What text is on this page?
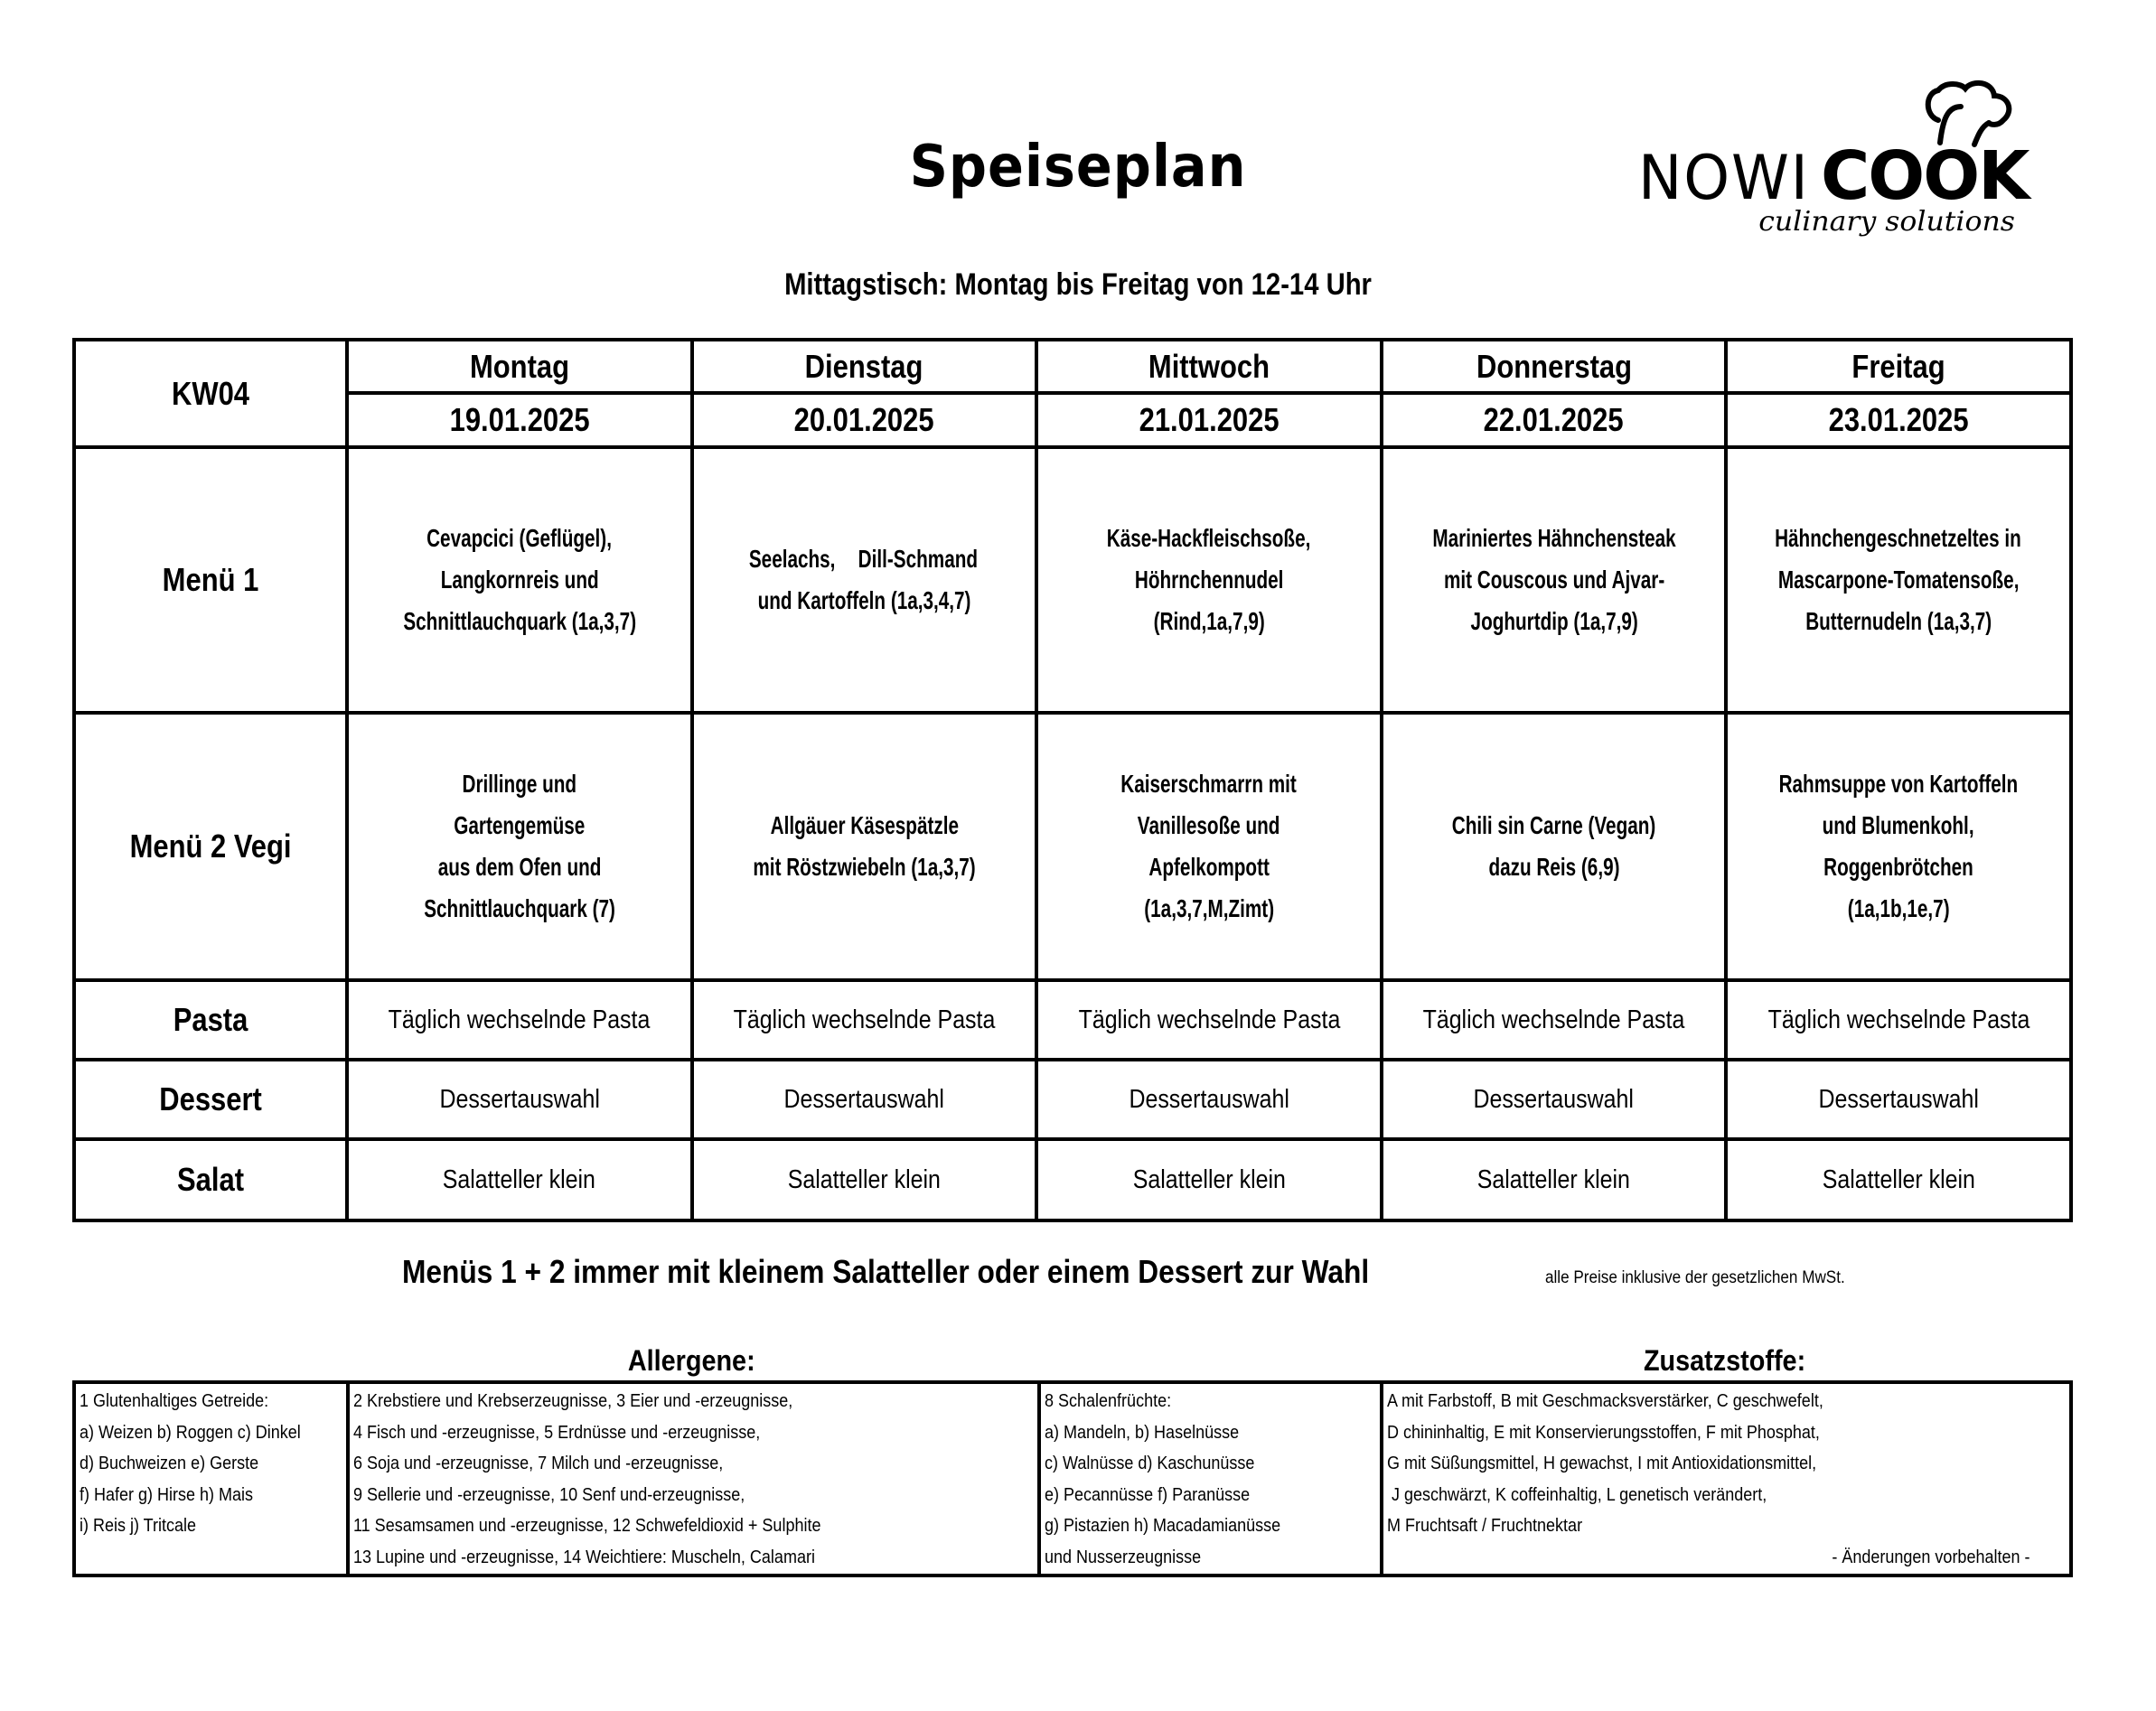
Speiseplan
Mittagstisch: Montag bis Freitag von 12-14 Uhr
NOWI COOK
culinary solutions
KW04	Montag	Dienstag	Mittwoch	Donnerstag	Freitag
	19.01.2025	20.01.2025	21.01.2025	22.01.2025	23.01.2025
Menü 1	Cevapcici (Geflügel), Langkornreis und Schnittlauchquark (1a,3,7)	Seelachs, Dill-Schmand und Kartoffeln (1a,3,4,7)	Käse-Hackfleischsoße, Höhrnchennudel (Rind,1a,7,9)	Mariniertes Hähnchensteak mit Couscous und Ajvar- Joghurtdip (1a,7,9)	Hähnchengeschnetzeltes in Mascarpone-Tomatensoße, Butternudeln (1a,3,7)
Menü 2 Vegi	Drillinge und Gartengemüse aus dem Ofen und Schnittlauchquark (7)	Allgäuer Käsespätzle mit Röstzwiebeln (1a,3,7)	Kaiserschmarrn mit Vanillesoße und Apfelkompott (1a,3,7,M,Zimt)	Chili sin Carne (Vegan) dazu Reis (6,9)	Rahmsuppe von Kartoffeln und Blumenkohl, Roggenbrötchen (1a,1b,1e,7)
Pasta	Täglich wechselnde Pasta	Täglich wechselnde Pasta	Täglich wechselnde Pasta	Täglich wechselnde Pasta	Täglich wechselnde Pasta
Dessert	Dessertauswahl	Dessertauswahl	Dessertauswahl	Dessertauswahl	Dessertauswahl
Salat	Salatteller klein	Salatteller klein	Salatteller klein	Salatteller klein	Salatteller klein
Menüs 1 + 2 immer mit kleinem Salatteller oder einem Dessert zur Wahl	alle Preise inklusive der gesetzlichen MwSt.
Allergene:	Zusatzstoffe:
1 Glutenhaltiges Getreide:
a) Weizen b) Roggen c) Dinkel
d) Buchweizen e) Gerste
f) Hafer g) Hirse h) Mais
i) Reis j) Tritcale

2 Krebstiere und Krebserzeugnisse, 3 Eier und -erzeugnisse,
4 Fisch und -erzeugnisse, 5 Erdnüsse und -erzeugnisse,
6 Soja und -erzeugnisse, 7 Milch und -erzeugnisse,
9 Sellerie und -erzeugnisse, 10 Senf und-erzeugnisse,
11 Sesamsamen und -erzeugnisse, 12 Schwefeldioxid + Sulphite
13 Lupine und -erzeugnisse, 14 Weichtiere: Muscheln, Calamari

8 Schalenfrüchte:
a) Mandeln, b) Haselnüsse
c) Walnüsse d) Kaschunüsse
e) Pecannüsse f) Paranüsse
g) Pistazien h) Macadamianüsse
und Nusserzeugnisse

A mit Farbstoff, B mit Geschmacksverstärker, C geschwefelt,
D chininhaltig, E mit Konservierungsstoffen, F mit Phosphat,
G mit Süßungsmittel, H gewachst, I mit Antioxidationsmittel,
J geschwärzt, K coffeinhaltig, L genetisch verändert,
M Fruchtsaft / Fruchtnektar
- Änderungen vorbehalten -
